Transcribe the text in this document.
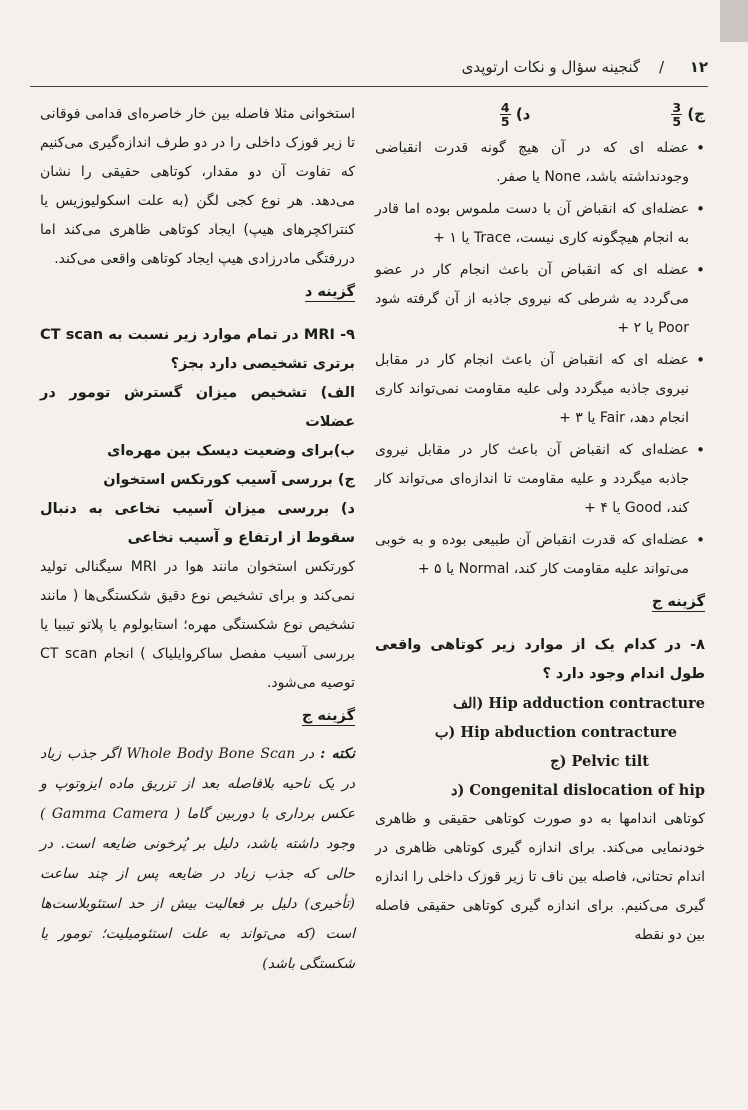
۱۲
/
گنجینه سؤال و نکات ارتوپدی
ج)
$\frac{3}{5}$
د)
$\frac{4}{5}$
• عضله ای که در آن هیچ گونه قدرت انقباضی وجودنداشته باشد، None یا صفر.
• عضله‌ای که انقباض آن با دست ملموس بوده اما قادر به انجام هیچگونه کاری نیست، Trace یا ۱ +
• عضله ای که انقباض آن باعث انجام کار در عضو می‌گردد به شرطی که نیروی جاذبه از آن گرفته شود Poor یا ۲ +
• عضله ای که انقباض آن باعث انجام کار در مقابل نیروی جاذبه میگردد ولی علیه مقاومت نمی‌تواند کاری انجام دهد، Fair یا ۳ +
• عضله‌ای که انقباض آن باعث کار در مقابل نیروی جاذبه میگردد و علیه مقاومت تا اندازه‌ای می‌تواند کار کند، Good یا ۴ +
• عضله‌ای که قدرت انقباض آن طبیعی بوده و به خوبی می‌تواند علیه مقاومت کار کند، Normal یا ۵ +
گزینه ج
۸- در کدام یک از موارد زیر کوتاهی واقعی طول اندام وجود دارد ؟
الف) Hip adduction contracture
ب) Hip abduction contracture
ج) Pelvic tilt
د) Congenital dislocation of hip
کوتاهی اندامها به دو صورت کوتاهی حقیقی و ظاهری خودنمایی می‌کند. برای اندازه گیری کوتاهی ظاهری در اندام تحتانی، فاصله بین ناف تا زیر قوزک داخلی را اندازه گیری می‌کنیم. برای اندازه گیری کوتاهی حقیقی فاصله بین دو نقطه
استخوانی مثلا فاصله بین خار خاصره‌ای قدامی فوقانی تا زیر قوزک داخلی را در دو طرف اندازه‌گیری می‌کنیم که تفاوت آن دو مقدار، کوتاهی حقیقی را نشان می‌دهد. هر نوع کجی لگن (به علت اسکولیوزیس یا کنتراکچرهای هیپ) ایجاد کوتاهی ظاهری می‌کند اما دررفتگی مادرزادی هیپ ایجاد کوتاهی واقعی می‌کند.
گزینه د
۹- MRI در تمام موارد زیر نسبت به CT scan برتری تشخیصی دارد بجز؟
الف) تشخیص میزان گسترش تومور در عضلات
ب)برای وضعیت دیسک بین مهره‌ای
ج) بررسی آسیب کورتکس استخوان
د) بررسی میزان آسیب نخاعی به دنبال سقوط از ارتفاع و آسیب نخاعی
کورتکس استخوان مانند هوا در MRI سیگنالی تولید نمی‌کند و برای تشخیص نوع دقیق شکستگی‌ها ( مانند تشخیص نوع شکستگی مهره؛ استابولوم یا پلاتو تیبیا یا بررسی آسیب مفصل ساکروایلیاک ) انجام CT scan توصیه می‌شود.
گزینه ج
نکته : در Whole Body Bone Scan اگر جذب زیاد در یک ناحیه بلافاصله بعد از تزریق ماده ایزوتوپ و عکس برداری با دوربین گاما ( Gamma Camera ) وجود داشته باشد، دلیل بر پُرخونی ضایعه است. در حالی که جذب زیاد در ضایعه پس از چند ساعت (تأخیری) دلیل بر فعالیت بیش از حد استئوبلاست‌ها است (که می‌تواند به علت استئومیلیت؛ تومور یا شکستگی باشد)
